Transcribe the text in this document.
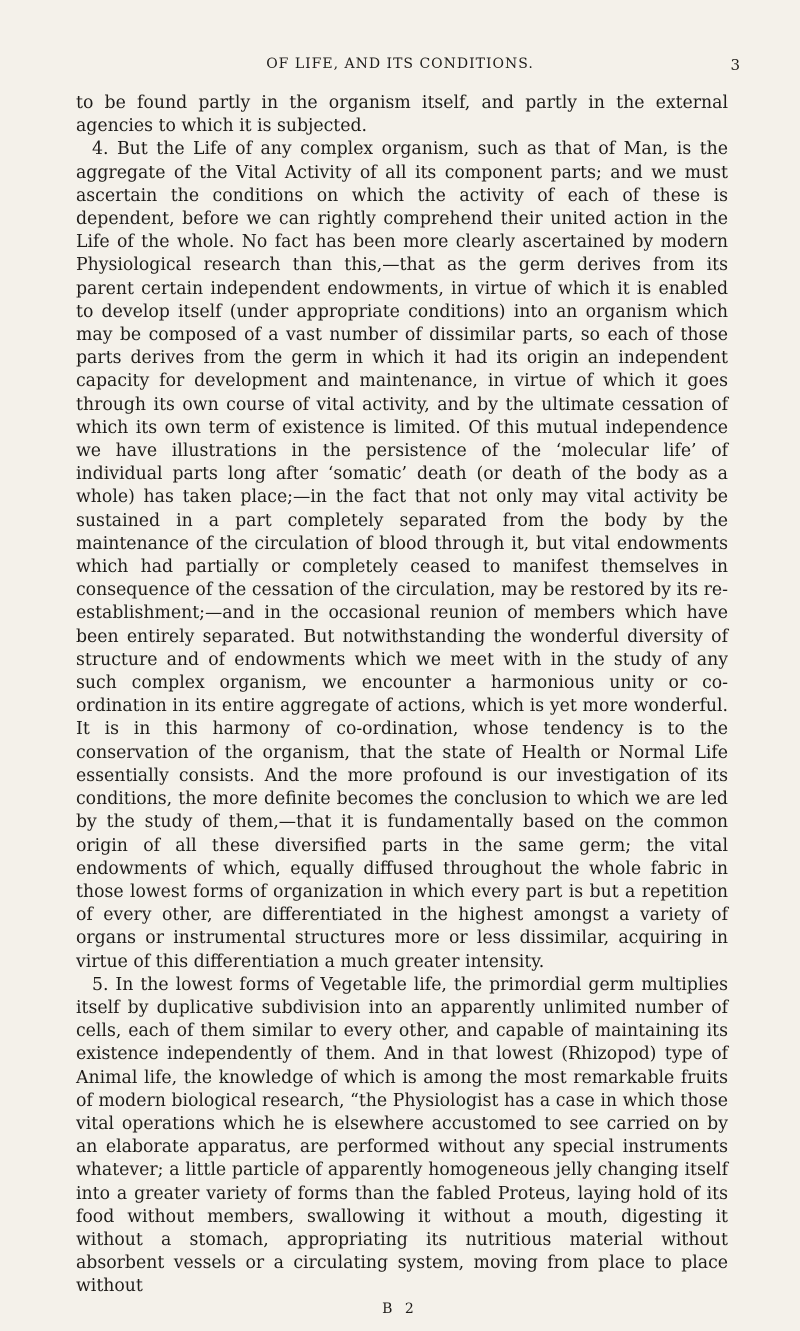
OF LIFE, AND ITS CONDITIONS.	3

to be found partly in the organism itself, and partly in the external agencies to which it is subjected.

4. But the Life of any complex organism, such as that of Man, is the aggregate of the Vital Activity of all its component parts; and we must ascertain the conditions on which the activity of each of these is dependent, before we can rightly comprehend their united action in the Life of the whole. No fact has been more clearly ascertained by modern Physiological research than this,—that as the germ derives from its parent certain independent endowments, in virtue of which it is enabled to develop itself (under appropriate conditions) into an organism which may be composed of a vast number of dissimilar parts, so each of those parts derives from the germ in which it had its origin an independent capacity for development and maintenance, in virtue of which it goes through its own course of vital activity, and by the ultimate cessation of which its own term of existence is limited. Of this mutual independence we have illustrations in the persistence of the ‘molecular life’ of individual parts long after ‘somatic’ death (or death of the body as a whole) has taken place;—in the fact that not only may vital activity be sustained in a part completely separated from the body by the maintenance of the circulation of blood through it, but vital endowments which had partially or completely ceased to manifest themselves in consequence of the cessation of the circulation, may be restored by its re-establishment;—and in the occasional reunion of members which have been entirely separated. But notwithstanding the wonderful diversity of structure and of endowments which we meet with in the study of any such complex organism, we encounter a harmonious unity or co-ordination in its entire aggregate of actions, which is yet more wonderful. It is in this harmony of co-ordination, whose tendency is to the conservation of the organism, that the state of Health or Normal Life essentially consists. And the more profound is our investigation of its conditions, the more definite becomes the conclusion to which we are led by the study of them,—that it is fundamentally based on the common origin of all these diversified parts in the same germ; the vital endowments of which, equally diffused throughout the whole fabric in those lowest forms of organization in which every part is but a repetition of every other, are differentiated in the highest amongst a variety of organs or instrumental structures more or less dissimilar, acquiring in virtue of this differentiation a much greater intensity.

5. In the lowest forms of Vegetable life, the primordial germ multiplies itself by duplicative subdivision into an apparently unlimited number of cells, each of them similar to every other, and capable of maintaining its existence independently of them. And in that lowest (Rhizopod) type of Animal life, the knowledge of which is among the most remarkable fruits of modern biological research, “the Physiologist has a case in which those vital operations which he is elsewhere accustomed to see carried on by an elaborate apparatus, are performed without any special instruments whatever; a little particle of apparently homogeneous jelly changing itself into a greater variety of forms than the fabled Proteus, laying hold of its food without members, swallowing it without a mouth, digesting it without a stomach, appropriating its nutritious material without absorbent vessels or a circulating system, moving from place to place without

B 2
